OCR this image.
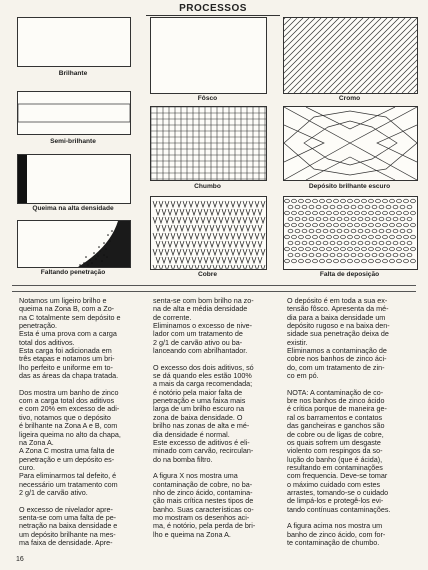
PROCESSOS
Brilhante
Semi-brilhante
Queima na alta densidade
Faltando penetração
Fôsco	Cromo
Chumbo	Depósito brilhante escuro
Cobre	Falta de deposição
Notamos um ligeiro brilho e
queima na Zona B, com a Zo-
na C totalmente sem depósito e
penetração.
Esta é uma prova com a carga
total dos aditivos.
Esta carga foi adicionada em
três etapas e notamos um bri-
lho perfeito e uniforme em to-
das as áreas da chapa tratada.

Dos mostra um banho de zinco
com a carga total dos aditivos
e com 20% em excesso de adi-
tivo, notamos que o depósito
é brilhante na Zona A e B, com
ligeira queima no alto da chapa,
na Zona A.
A Zona C mostra uma falta de
penetração e um depósito es-
curo.
Para eliminarmos tal defeito, é
necessário um tratamento com
2 g/1 de carvão ativo.

O excesso de nivelador apre-
senta-se com uma falta de pe-
netração na baixa densidade e
um depósito brilhante na mes-
ma faixa de densidade. Apre-
senta-se com bom brilho na zo-
na de alta e média densidade
de corrente.
Eliminamos o excesso de nive-
lador com um tratamento de
2 g/1 de carvão ativo ou ba-
lanceando com abrilhantador.

O excesso dos dois aditivos, só
se dá quando eles estão 100%
a mais da carga recomendada;
é notório pela maior falta de
penetração e uma faixa mais
larga de um brilho escuro na
zona de baixa densidade. O
brilho nas zonas de alta e mé-
dia densidade é normal.
Este excesso de aditivos é eli-
minado com carvão, recirculan-
do na bomba filtro.

A figura X nos mostra uma
contaminação de cobre, no ba-
nho de zinco ácido, contamina-
ção mais crítica nestes tipos de
banho. Suas características co-
mo mostram os desenhos aci-
ma, é notório, pela perda de bri-
lho e queima na Zona A.
O depósito é em toda a sua ex-
tensão fôsco. Apresenta da mé-
dia para a baixa densidade um
depósito rugoso e na baixa den-
sidade sua penetração deixa de
existir.
Eliminamos a contaminação de
cobre nos banhos de zinco áci-
do, com um tratamento de zin-
co em pó.

NOTA: A contaminação de co-
bre nos banhos de zinco ácido
é crítica porque de maneira ge-
ral os barramentos e contatos
das gancheiras e ganchos são
de cobre ou de ligas de cobre,
os quais sofrem um desgaste
violento com respingos da so-
lução do banho (que é ácida),
resultando em contaminações
com frequencia. Deve-se tomar
o máximo cuidado com estes
arrastes, tomando-se o cuidado
de limpá-los e protegê-los evi-
tando contínuas contaminações.

A figura acima nos mostra um
banho de zinco ácido, com for-
te contaminação de chumbo.
16
